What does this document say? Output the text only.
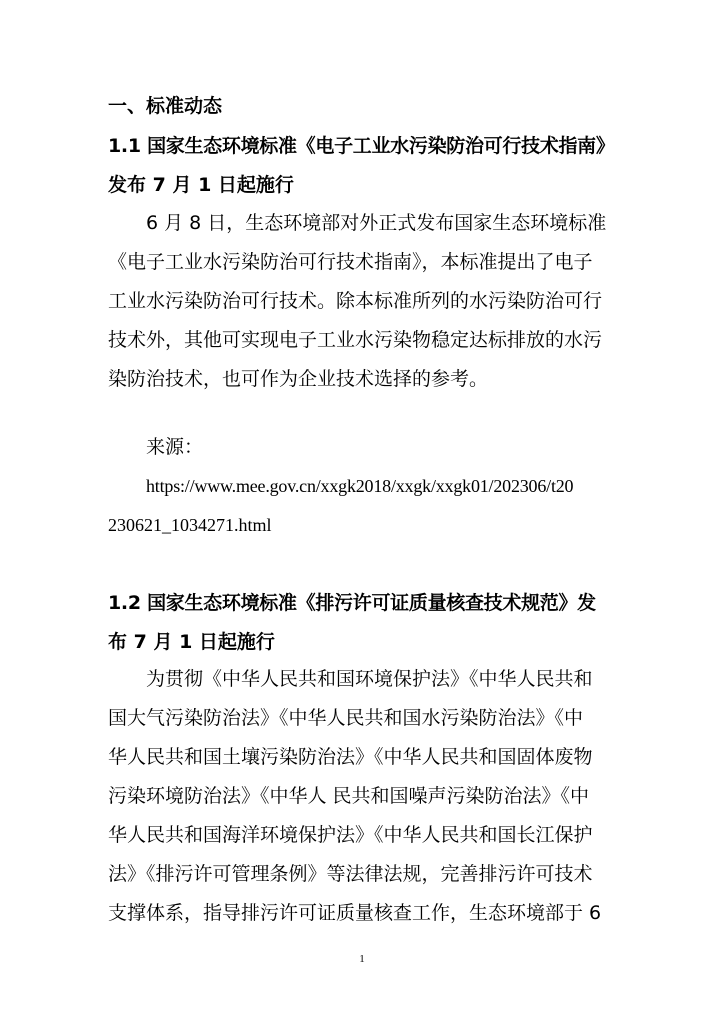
一、标准动态
1.1 国家生态环境标准《电子工业水污染防治可行技术指南》
发布 7 月 1 日起施行
6 月 8 日，生态环境部对外正式发布国家生态环境标准
《电子工业水污染防治可行技术指南》，本标准提出了电子
工业水污染防治可行技术。除本标准所列的水污染防治可行
技术外，其他可实现电子工业水污染物稳定达标排放的水污
染防治技术，也可作为企业技术选择的参考。
来源：
https://www.mee.gov.cn/xxgk2018/xxgk/xxgk01/202306/t20
230621_1034271.html
1.2 国家生态环境标准《排污许可证质量核查技术规范》发
布 7 月 1 日起施行
为贯彻《中华人民共和国环境保护法》《中华人民共和
国大气污染防治法》《中华人民共和国水污染防治法》《中
华人民共和国土壤污染防治法》《中华人民共和国固体废物
污染环境防治法》《中华人 民共和国噪声污染防治法》《中
华人民共和国海洋环境保护法》《中华人民共和国长江保护
法》《排污许可管理条例》等法律法规，完善排污许可技术
支撑体系，指导排污许可证质量核查工作，生态环境部于 6
1
